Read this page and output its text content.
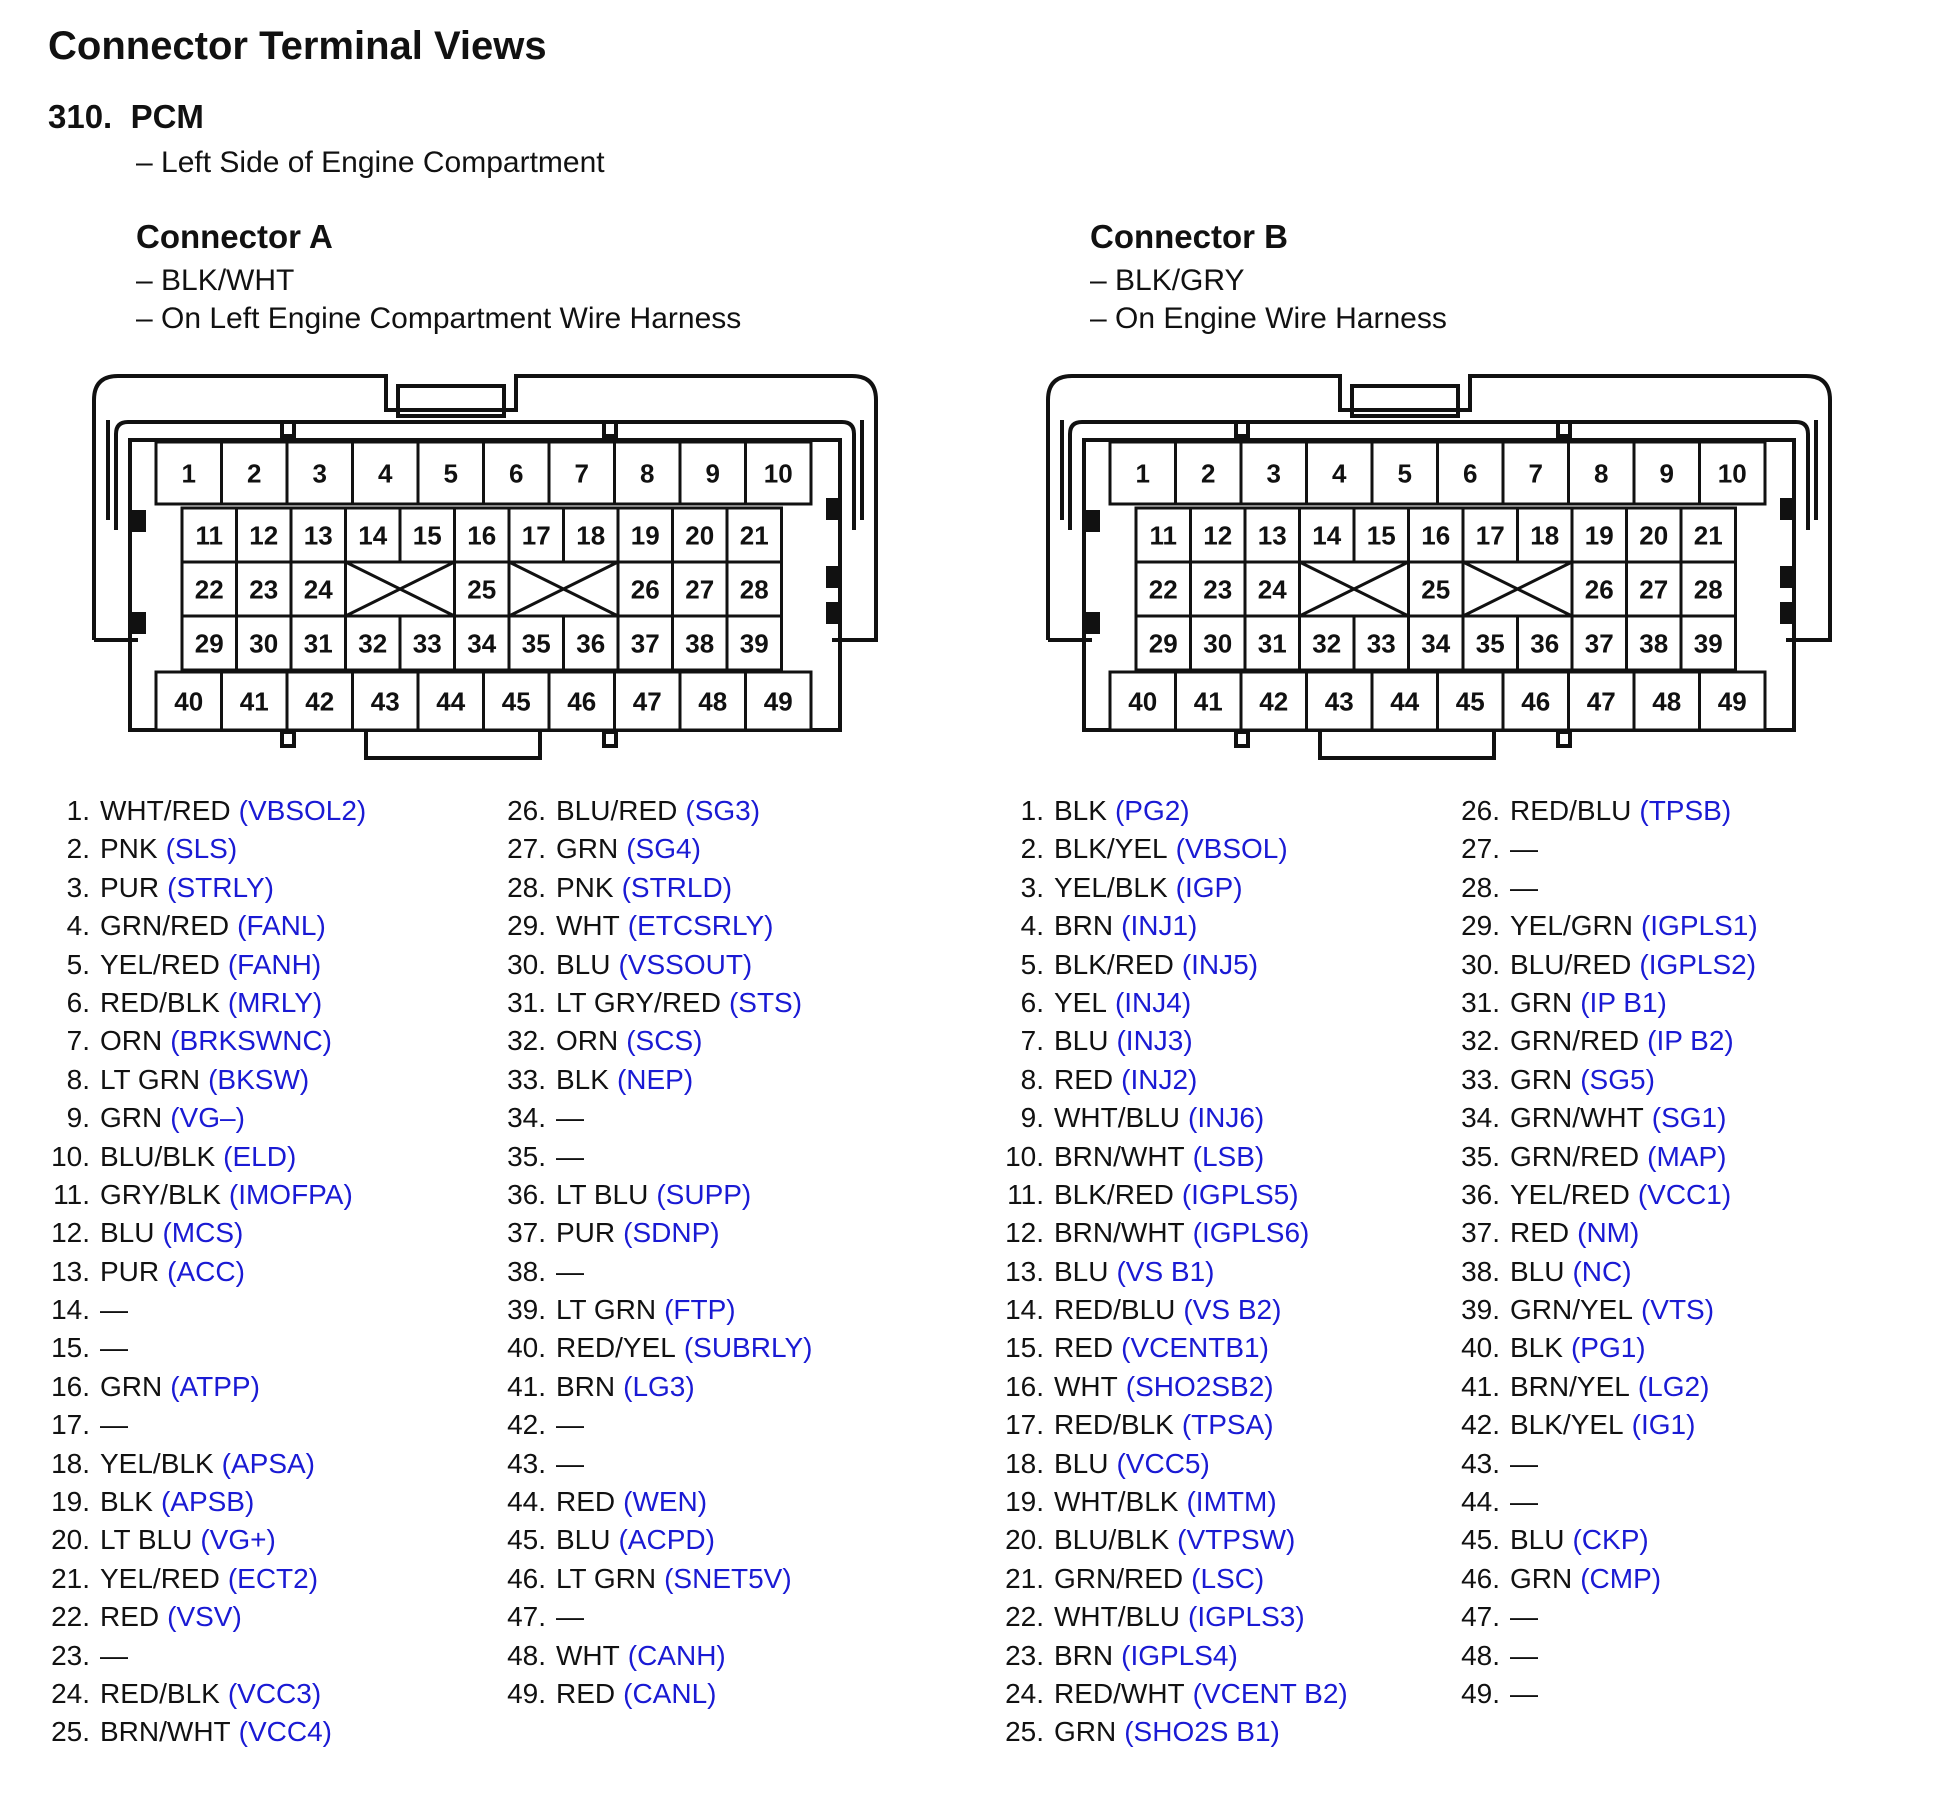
Connector Terminal Views
310. PCM
– Left Side of Engine Compartment
Connector A
– BLK/WHT
– On Left Engine Compartment Wire Harness
Connector B
– BLK/GRY
– On Engine Wire Harness
1 2 3 4 5 6 7 8 9 10
11 12 13 14 15 16 17 18 19 20 21
22 23 24	25	26 27 28
29 30 31 32 33 34 35 36 37 38 39
40 41 42 43 44 45 46 47 48 49
1 2 3 4 5 6 7 8 9 10
11 12 13 14 15 16 17 18 19 20 21
22 23 24	25	26 27 28
29 30 31 32 33 34 35 36 37 38 39
40 41 42 43 44 45 46 47 48 49
1. WHT/RED (VBSOL2)
2. PNK (SLS)
3. PUR (STRLY)
4. GRN/RED (FANL)
5. YEL/RED (FANH)
6. RED/BLK (MRLY)
7. ORN (BRKSWNC)
8. LT GRN (BKSW)
9. GRN (VG–)
10. BLU/BLK (ELD)
11. GRY/BLK (IMOFPA)
12. BLU (MCS)
13. PUR (ACC)
14. —
15. —
16. GRN (ATPP)
17. —
18. YEL/BLK (APSA)
19. BLK (APSB)
20. LT BLU (VG+)
21. YEL/RED (ECT2)
22. RED (VSV)
23. —
24. RED/BLK (VCC3)
25. BRN/WHT (VCC4)
26. BLU/RED (SG3)
27. GRN (SG4)
28. PNK (STRLD)
29. WHT (ETCSRLY)
30. BLU (VSSOUT)
31. LT GRY/RED (STS)
32. ORN (SCS)
33. BLK (NEP)
34. —
35. —
36. LT BLU (SUPP)
37. PUR (SDNP)
38. —
39. LT GRN (FTP)
40. RED/YEL (SUBRLY)
41. BRN (LG3)
42. —
43. —
44. RED (WEN)
45. BLU (ACPD)
46. LT GRN (SNET5V)
47. —
48. WHT (CANH)
49. RED (CANL)
1. BLK (PG2)
2. BLK/YEL (VBSOL)
3. YEL/BLK (IGP)
4. BRN (INJ1)
5. BLK/RED (INJ5)
6. YEL (INJ4)
7. BLU (INJ3)
8. RED (INJ2)
9. WHT/BLU (INJ6)
10. BRN/WHT (LSB)
11. BLK/RED (IGPLS5)
12. BRN/WHT (IGPLS6)
13. BLU (VS B1)
14. RED/BLU (VS B2)
15. RED (VCENTB1)
16. WHT (SHO2SB2)
17. RED/BLK (TPSA)
18. BLU (VCC5)
19. WHT/BLK (IMTM)
20. BLU/BLK (VTPSW)
21. GRN/RED (LSC)
22. WHT/BLU (IGPLS3)
23. BRN (IGPLS4)
24. RED/WHT (VCENT B2)
25. GRN (SHO2S B1)
26. RED/BLU (TPSB)
27. —
28. —
29. YEL/GRN (IGPLS1)
30. BLU/RED (IGPLS2)
31. GRN (IP B1)
32. GRN/RED (IP B2)
33. GRN (SG5)
34. GRN/WHT (SG1)
35. GRN/RED (MAP)
36. YEL/RED (VCC1)
37. RED (NM)
38. BLU (NC)
39. GRN/YEL (VTS)
40. BLK (PG1)
41. BRN/YEL (LG2)
42. BLK/YEL (IG1)
43. —
44. —
45. BLU (CKP)
46. GRN (CMP)
47. —
48. —
49. —
